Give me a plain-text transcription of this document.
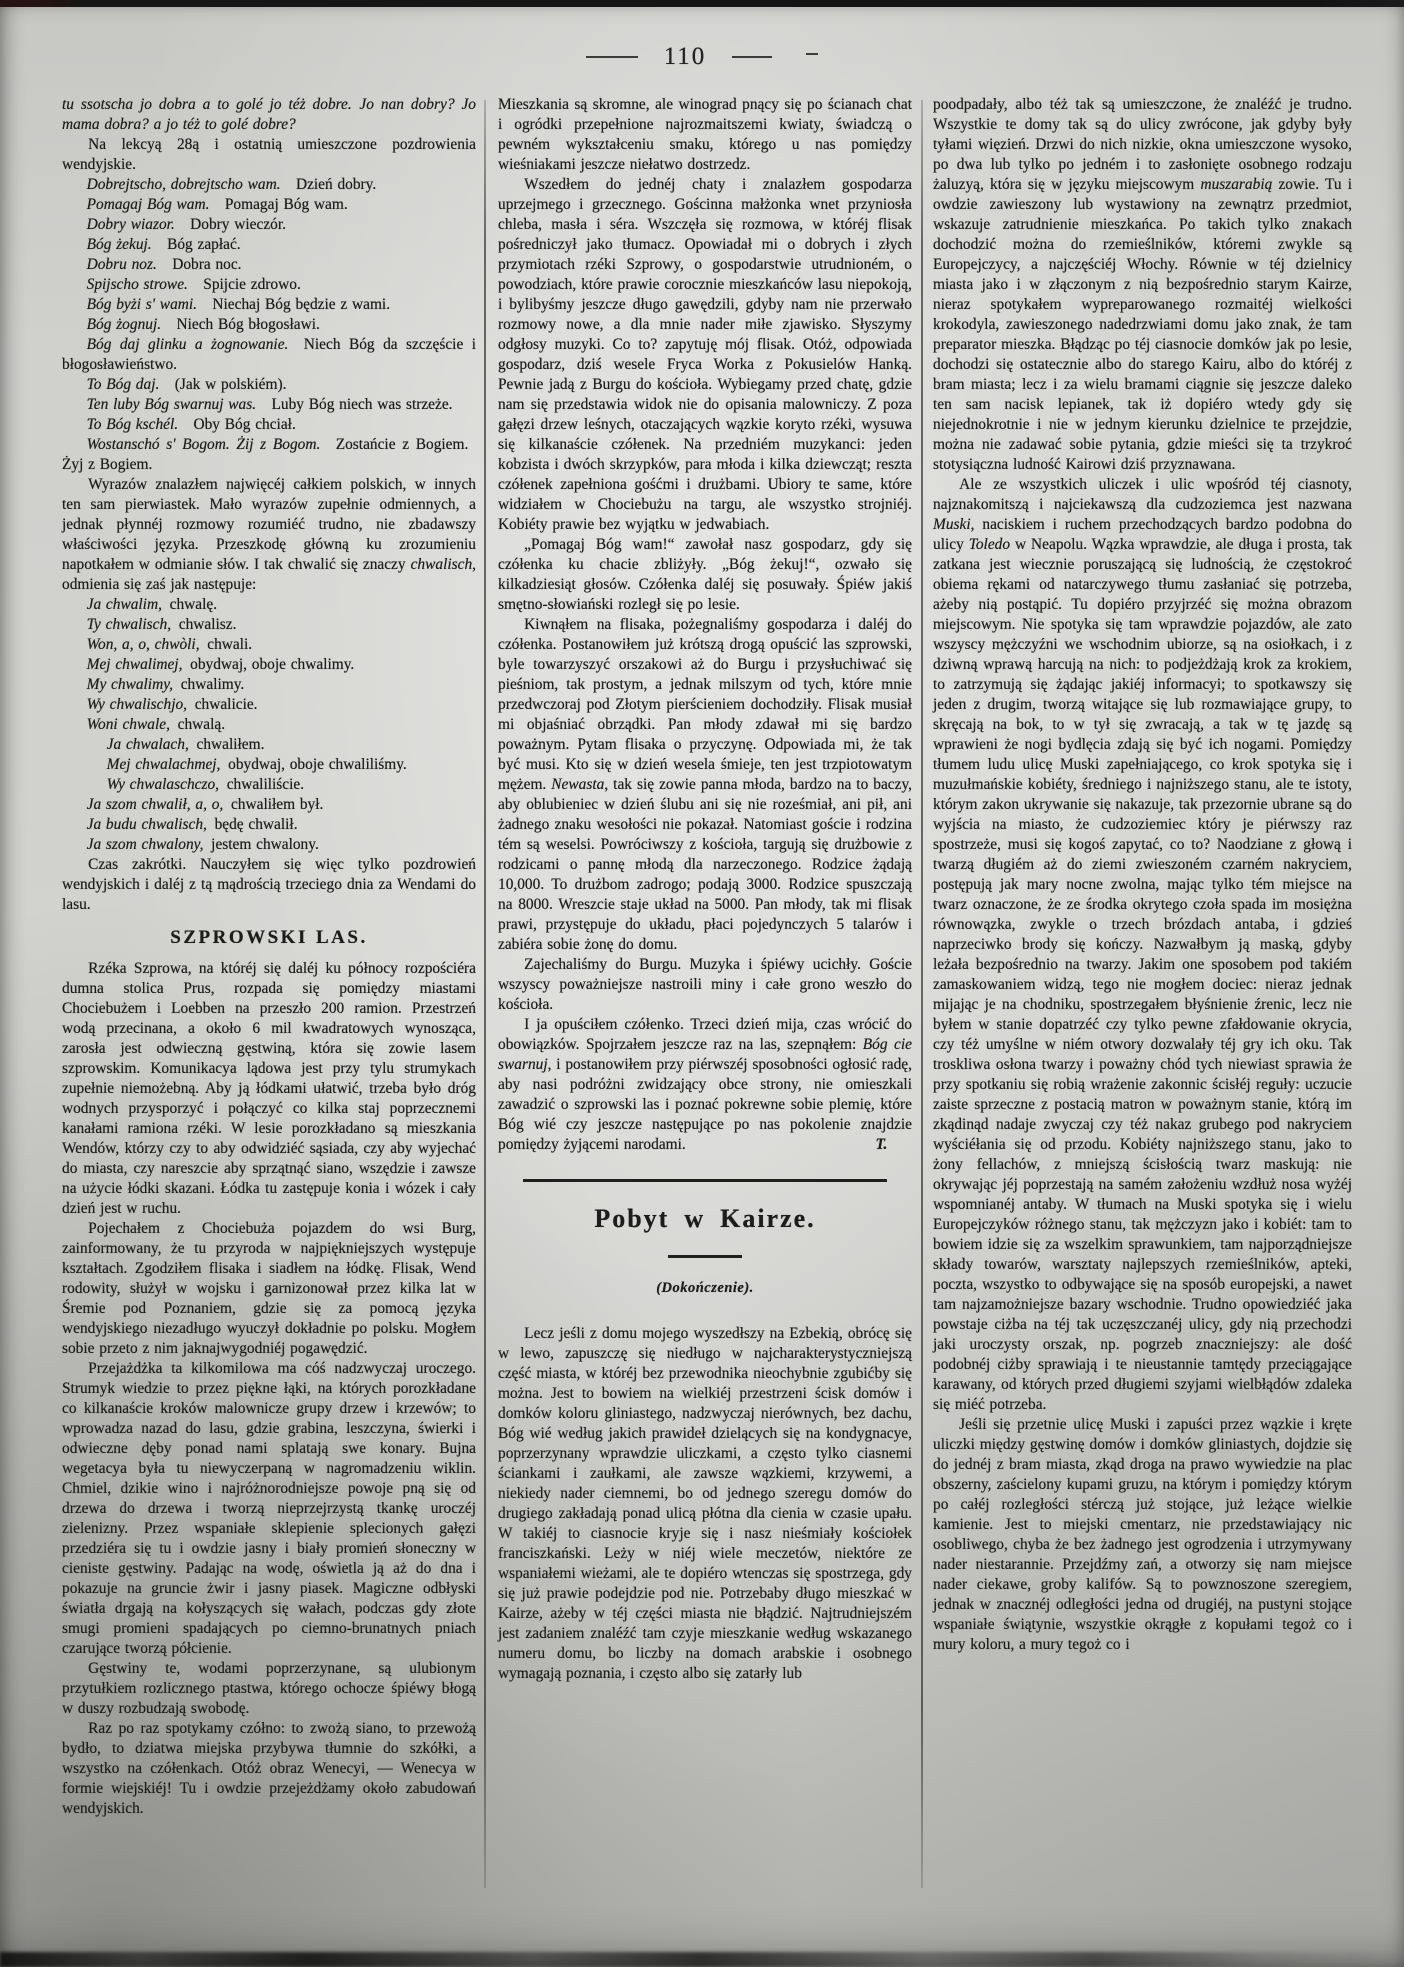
110

tu ssotscha jo dobra a to golé jo téż dobre. Jo nan dobry? Jo mama dobra? a jo téż to golé dobre?

Na lekcyą 28ą i ostatnią umieszczone pozdrowienia wendyjskie.

Dobrejtscho, dobrejtscho wam. Dzień dobry.

Pomagaj Bóg wam. Pomagaj Bóg wam.

Dobry wiazor. Dobry wieczór.

Bóg żekuj. Bóg zapłać.

Dobru noz. Dobra noc.

Spijscho strowe. Spijcie zdrowo.

Bóg byżi s' wami. Niechaj Bóg będzie z wami.

Bóg żognuj. Niech Bóg błogosławi.

Bóg daj glinku a żognowanie. Niech Bóg da szczęście i błogosławieństwo.

To Bóg daj. (Jak w polskiém).

Ten luby Bóg swarnuj was. Luby Bóg niech was strzeże.

To Bóg kschél. Oby Bóg chciał.

Wostanschó s' Bogom. Żij z Bogom. Zostańcie z Bogiem. Żyj z Bogiem.

Wyrazów znalazłem najwięcéj całkiem polskich, w innych ten sam pierwiastek. Mało wyrazów zupełnie odmiennych, a jednak płynnéj rozmowy rozumiéć trudno, nie zbadawszy właściwości języka. Przeszkodę główną ku zrozumieniu napotkałem w odmianie słów. I tak chwalić się znaczy chwalisch, odmienia się zaś jak następuje:

Ja chwalim, chwalę.

Ty chwalisch, chwalisz.

Won, a, o, chwòli, chwali.

Mej chwalimej, obydwaj, oboje chwalimy.

My chwalimy, chwalimy.

Wy chwalischjo, chwalicie.

Woni chwale, chwalą.

Ja chwalach, chwaliłem.

Mej chwalachmej, obydwaj, oboje chwaliliśmy.

Wy chwalaschczo, chwaliliście.

Ja szom chwalił, a, o, chwaliłem był.

Ja budu chwalisch, będę chwalił.

Ja szom chwalony, jestem chwalony.

Czas zakrótki. Nauczyłem się więc tylko pozdrowień wendyjskich i daléj z tą mądrością trzeciego dnia za Wendami do lasu.

SZPROWSKI LAS.

Rzéka Szprowa, na któréj się daléj ku północy rozpościéra dumna stolica Prus, rozpada się pomiędzy miastami Chociebużem i Loebben na przeszło 200 ramion. Przestrzeń wodą przecinana, a około 6 mil kwadratowych wynosząca, zarosła jest odwieczną gęstwiną, która się zowie lasem szprowskim. Komunikacya lądowa jest przy tylu strumykach zupełnie niemożebną. Aby ją łódkami ułatwić, trzeba było dróg wodnych przysporzyć i połączyć co kilka staj poprzecznemi kanałami ramiona rzéki. W lesie porozkładano są mieszkania Wendów, którzy czy to aby odwidziéć sąsiada, czy aby wyjechać do miasta, czy nareszcie aby sprzątnąć siano, wszędzie i zawsze na użycie łódki skazani. Łódka tu zastępuje konia i wózek i cały dzień jest w ruchu.

Pojechałem z Chociebuża pojazdem do wsi Burg, zainformowany, że tu przyroda w najpiękniejszych występuje kształtach. Zgodziłem flisaka i siadłem na łódkę. Flisak, Wend rodowity, służył w wojsku i garnizonował przez kilka lat w Śremie pod Poznaniem, gdzie się za pomocą języka wendyjskiego niezadługo wyuczył dokładnie po polsku. Mogłem sobie przeto z nim jaknajwygodniéj pogawędzić.

Przejażdżka ta kilkomilowa ma cóś nadzwyczaj uroczego. Strumyk wiedzie to przez piękne łąki, na których porozkładane co kilkanaście kroków malownicze grupy drzew i krzewów; to wprowadza nazad do lasu, gdzie grabina, leszczyna, świerki i odwieczne dęby ponad nami splatają swe konary. Bujna wegetacya była tu niewyczerpaną w nagromadzeniu wiklin. Chmiel, dzikie wino i najróżnorodniejsze powoje pną się od drzewa do drzewa i tworzą nieprzejrzystą tkankę uroczéj zielenizny. Przez wspaniałe sklepienie splecionych gałęzi przedziéra się tu i owdzie jasny i biały promień słoneczny w cieniste gęstwiny. Padając na wodę, oświetla ją aż do dna i pokazuje na gruncie żwir i jasny piasek. Magiczne odbłyski światła drgają na kołyszących się wałach, podczas gdy złote smugi promieni spadających po ciemno-brunatnych pniach czarujące tworzą półcienie.

Gęstwiny te, wodami poprzerzynane, są ulubionym przytułkiem rozlicznego ptastwa, którego ochocze śpiéwy błogą w duszy rozbudzają swobodę.

Raz po raz spotykamy czółno: to zwożą siano, to przewożą bydło, to dziatwa miejska przybywa tłumnie do szkółki, a wszystko na czółenkach. Otóż obraz Wenecyi, — Wenecya w formie wiejskiéj! Tu i owdzie przejeżdżamy około zabudowań wendyjskich.

Mieszkania są skromne, ale winograd pnący się po ścianach chat i ogródki przepełnione najrozmaitszemi kwiaty, świadczą o pewném wykształceniu smaku, którego u nas pomiędzy wieśniakami jeszcze niełatwo dostrzedz.

Wszedłem do jednéj chaty i znalazłem gospodarza uprzejmego i grzecznego. Gościnna małżonka wnet przyniosła chleba, masła i séra. Wszczęła się rozmowa, w któréj flisak pośredniczył jako tłumacz. Opowiadał mi o dobrych i złych przymiotach rzéki Szprowy, o gospodarstwie utrudnioném, o powodziach, które prawie corocznie mieszkańców lasu niepokoją, i bylibyśmy jeszcze długo gawędzili, gdyby nam nie przerwało rozmowy nowe, a dla mnie nader miłe zjawisko. Słyszymy odgłosy muzyki. Co to? zapytuję mój flisak. Otóż, odpowiada gospodarz, dziś wesele Fryca Worka z Pokusielów Hanką. Pewnie jadą z Burgu do kościoła. Wybiegamy przed chatę, gdzie nam się przedstawia widok nie do opisania malowniczy. Z poza gałęzi drzew leśnych, otaczających wązkie koryto rzéki, wysuwa się kilkanaście czółenek. Na przedniém muzykanci: jeden kobzista i dwóch skrzypków, para młoda i kilka dziewcząt; reszta czółenek zapełniona gośćmi i drużbami. Ubiory te same, które widziałem w Chociebużu na targu, ale wszystko strojniéj. Kobiéty prawie bez wyjątku w jedwabiach.

„Pomagaj Bóg wam!“ zawołał nasz gospodarz, gdy się czółenka ku chacie zbliżyły. „Bóg żekuj!“, ozwało się kilkadziesiąt głosów. Czółenka daléj się posuwały. Śpiéw jakiś smętno-słowiański rozległ się po lesie.

Kiwnąłem na flisaka, pożegnaliśmy gospodarza i daléj do czółenka. Postanowiłem już krótszą drogą opuścić las szprowski, byle towarzyszyć orszakowi aż do Burgu i przysłuchiwać się pieśniom, tak prostym, a jednak milszym od tych, które mnie przedwczoraj pod Złotym pierścieniem dochodziły. Flisak musiał mi objaśniać obrządki. Pan młody zdawał mi się bardzo poważnym. Pytam flisaka o przyczynę. Odpowiada mi, że tak być musi. Kto się w dzień wesela śmieje, ten jest trzpiotowatym mężem. Newasta, tak się zowie panna młoda, bardzo na to baczy, aby oblubieniec w dzień ślubu ani się nie roześmiał, ani pił, ani żadnego znaku wesołości nie pokazał. Natomiast goście i rodzina tém są weselsi. Powróciwszy z kościoła, targują się drużbowie z rodzicami o pannę młodą dla narzeczonego. Rodzice żądają 10,000. To drużbom zadrogo; podają 3000. Rodzice spuszczają na 8000. Wreszcie staje układ na 5000. Pan młody, tak mi flisak prawi, przystępuje do układu, płaci pojedynczych 5 talarów i zabiéra sobie żonę do domu.

Zajechaliśmy do Burgu. Muzyka i śpiéwy ucichły. Goście wszyscy poważniejsze nastroili miny i całe grono weszło do kościoła.

I ja opuściłem czółenko. Trzeci dzień mija, czas wrócić do obowiązków. Spojrzałem jeszcze raz na las, szepnąłem: Bóg cie swarnuj, i postanowiłem przy piérwszéj sposobności ogłosić radę, aby nasi podróżni zwidzający obce strony, nie omieszkali zawadzić o szprowski las i poznać pokrewne sobie plemię, które Bóg wié czy jeszcze następujące po nas pokolenie znajdzie pomiędzy żyjącemi narodami.	T.

Pobyt w Kairze.

(Dokończenie).

Lecz jeśli z domu mojego wyszedłszy na Ezbekią, obrócę się w lewo, zapuszczę się niedługo w najcharakterystyczniejszą część miasta, w któréj bez przewodnika nieochybnie zgubićby się można. Jest to bowiem na wielkiéj przestrzeni ścisk domów i domków koloru gliniastego, nadzwyczaj nierównych, bez dachu, Bóg wié według jakich prawideł dzielących się na kondygnacye, poprzerzynany wprawdzie uliczkami, a często tylko ciasnemi ściankami i zaułkami, ale zawsze wązkiemi, krzywemi, a niekiedy nader ciemnemi, bo od jednego szeregu domów do drugiego zakładają ponad ulicą płótna dla cienia w czasie upału. W takiéj to ciasnocie kryje się i nasz nieśmiały kościołek franciszkański. Leży w niéj wiele meczetów, niektóre ze wspaniałemi wieżami, ale te dopiéro wtenczas się spostrzega, gdy się już prawie podejdzie pod nie. Potrzebaby długo mieszkać w Kairze, ażeby w téj części miasta nie błądzić. Najtrudniejszém jest zadaniem znaléźć tam czyje mieszkanie według wskazanego numeru domu, bo liczby na domach arabskie i osobnego wymagają poznania, i często albo się zatarły lub

poodpadały, albo téż tak są umieszczone, że znaléźć je trudno. Wszystkie te domy tak są do ulicy zwrócone, jak gdyby były tyłami więzień. Drzwi do nich nizkie, okna umieszczone wysoko, po dwa lub tylko po jedném i to zasłonięte osobnego rodzaju żaluzyą, która się w języku miejscowym muszarabią zowie. Tu i owdzie zawieszony lub wystawiony na zewnątrz przedmiot, wskazuje zatrudnienie mieszkańca. Po takich tylko znakach dochodzić można do rzemieślników, któremi zwykle są Europejczycy, a najczęściéj Włochy. Równie w téj dzielnicy miasta jako i w złączonym z nią bezpośrednio starym Kairze, nieraz spotykałem wypreparowanego rozmaitéj wielkości krokodyla, zawieszonego nadedrzwiami domu jako znak, że tam preparator mieszka. Błądząc po téj ciasnocie domków jak po lesie, dochodzi się ostatecznie albo do starego Kairu, albo do któréj z bram miasta; lecz i za wielu bramami ciągnie się jeszcze daleko ten sam nacisk lepianek, tak iż dopiéro wtedy gdy się niejednokrotnie i nie w jednym kierunku dzielnice te przejdzie, można nie zadawać sobie pytania, gdzie mieści się ta trzykroć stotysiączna ludność Kairowi dziś przyznawana.

Ale ze wszystkich uliczek i ulic wpośród téj ciasnoty, najznakomitszą i najciekawszą dla cudzoziemca jest nazwana Muski, naciskiem i ruchem przechodzących bardzo podobna do ulicy Toledo w Neapolu. Wązka wprawdzie, ale długa i prosta, tak zatkana jest wiecznie poruszającą się ludnością, że częstokroć obiema rękami od natarczywego tłumu zasłaniać się potrzeba, ażeby nią postąpić. Tu dopiéro przyjrzéć się można obrazom miejscowym. Nie spotyka się tam wprawdzie pojazdów, ale zato wszyscy mężczyźni we wschodnim ubiorze, są na osiołkach, i z dziwną wprawą harcują na nich: to podjeżdżają krok za krokiem, to zatrzymują się żądając jakiéj informacyi; to spotkawszy się jeden z drugim, tworzą witające się lub rozmawiające grupy, to skręcają na bok, to w tył się zwracają, a tak w tę jazdę są wprawieni że nogi bydlęcia zdają się być ich nogami. Pomiędzy tłumem ludu ulicę Muski zapełniającego, co krok spotyka się i muzułmańskie kobiéty, średniego i najniższego stanu, ale te istoty, którym zakon ukrywanie się nakazuje, tak przezornie ubrane są do wyjścia na miasto, że cudzoziemiec który je piérwszy raz spostrzeże, musi się kogoś zapytać, co to? Naodziane z głową i twarzą długiém aż do ziemi zwieszoném czarném nakryciem, postępują jak mary nocne zwolna, mając tylko tém miejsce na twarz oznaczone, że ze środka okrytego czoła spada im mosiężna równowązka, zwykle o trzech brózdach antaba, i gdzieś naprzeciwko brody się kończy. Nazwałbym ją maską, gdyby leżała bezpośrednio na twarzy. Jakim one sposobem pod takiém zamaskowaniem widzą, tego nie mogłem dociec: nieraz jednak mijając je na chodniku, spostrzegałem błyśnienie źrenic, lecz nie byłem w stanie dopatrzéć czy tylko pewne zfałdowanie okrycia, czy téż umyślne w niém otwory dozwalały téj gry ich oku. Tak troskliwa osłona twarzy i poważny chód tych niewiast sprawia że przy spotkaniu się robią wrażenie zakonnic ścisłéj reguły: uczucie zaiste sprzeczne z postacią matron w poważnym stanie, którą im zkądinąd nadaje zwyczaj czy téż nakaz grubego pod nakryciem wyściéłania się od przodu. Kobiéty najniższego stanu, jako to żony fellachów, z mniejszą ścisłością twarz maskują: nie okrywając jéj poprzestają na samém założeniu wzdłuż nosa wyżéj wspomnianéj antaby. W tłumach na Muski spotyka się i wielu Europejczyków różnego stanu, tak mężczyzn jako i kobiét: tam to bowiem idzie się za wszelkim sprawunkiem, tam najporządniejsze składy towarów, warsztaty najlepszych rzemieślników, apteki, poczta, wszystko to odbywające się na sposób europejski, a nawet tam najzamożniejsze bazary wschodnie. Trudno opowiedziéć jaka powstaje ciżba na téj tak uczęszczanéj ulicy, gdy nią przechodzi jaki uroczysty orszak, np. pogrzeb znaczniejszy: ale dość podobnéj ciżby sprawiają i te nieustannie tamtędy przeciągające karawany, od których przed długiemi szyjami wielbłądów zdaleka się miéć potrzeba.

Jeśli się przetnie ulicę Muski i zapuści przez wązkie i kręte uliczki między gęstwinę domów i domków gliniastych, dojdzie się do jednéj z bram miasta, zkąd droga na prawo wywiedzie na plac obszerny, zaścielony kupami gruzu, na którym i pomiędzy którym po całéj rozległości stérczą już stojące, już leżące wielkie kamienie. Jest to miejski cmentarz, nie przedstawiający nic osobliwego, chyba że bez żadnego jest ogrodzenia i utrzymywany nader niestarannie. Przejdźmy zań, a otworzy się nam miejsce nader ciekawe, groby kalifów. Są to powznoszone szeregiem, jednak w znacznéj odległości jedna od drugiéj, na pustyni stojące wspaniałe świątynie, wszystkie okrągłe z kopułami tegoż co i mury koloru, a mury tegoż co i
